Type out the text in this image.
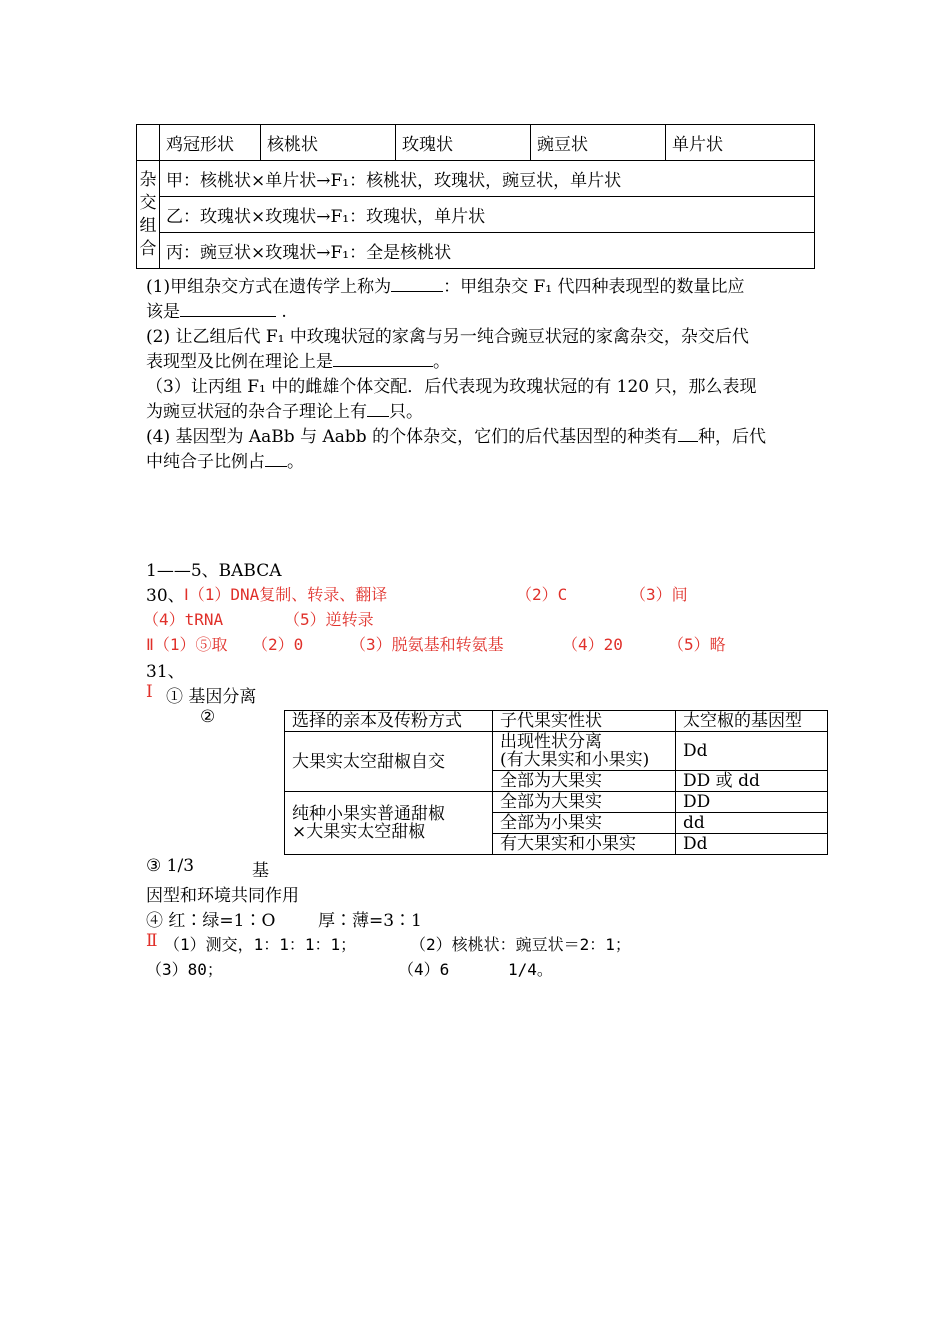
	鸡冠形状	核桃状	玫瑰状	豌豆状	单片状
杂
交
组
合	甲：核桃状×单片状→F₁：核桃状，玫瑰状，豌豆状，单片状				
	乙：玫瑰状×玫瑰状→F₁：玫瑰状，单片状				
	丙：豌豆状×玫瑰状→F₁：全是核桃状				
(1)甲组杂交方式在遗传学上称为	：甲组杂交 F₁ 代四种表现型的数量比应
该是	.
(2) 让乙组后代 F₁ 中玫瑰状冠的家禽与另一纯合豌豆状冠的家禽杂交，杂交后代
表现型及比例在理论上是	。
（3）让丙组 F₁ 中的雌雄个体交配．后代表现为玫瑰状冠的有 120 只，那么表现
为豌豆状冠的杂合子理论上有 只。
(4) 基因型为 AaBb 与 Aabb 的个体杂交，它们的后代基因型的种类有 种，后代
中纯合子比例占 。
1——5、BABCA
30、 Ⅰ（1）DNA复制、转录、翻译	（2）C	（3）间
（4）tRNA	（5）逆转录
Ⅱ（1）⑤取 （2）0	（3）脱氨基和转氨基	（4）20	（5）略
31、
Ⅰ ① 基因分离
②	选择的亲本及传粉方式	子代果实性状	太空椒的基因型
大果实太空甜椒自交	出现性状分离
(有大果实和小果实)	Dd
	全部为大果实	DD 或 dd
纯种小果实普通甜椒
×大果实太空甜椒	全部为大果实	DD
	全部为小果实	dd
	有大果实和小果实	Dd
③ 1/3	基
因型和环境共同作用
④ 红∶绿=1∶O	厚∶薄=3∶1
Ⅱ （1）测交，1：1：1：1；	（2）核桃状：豌豆状＝2：1；
（3）80；	（4）6	1/4。
